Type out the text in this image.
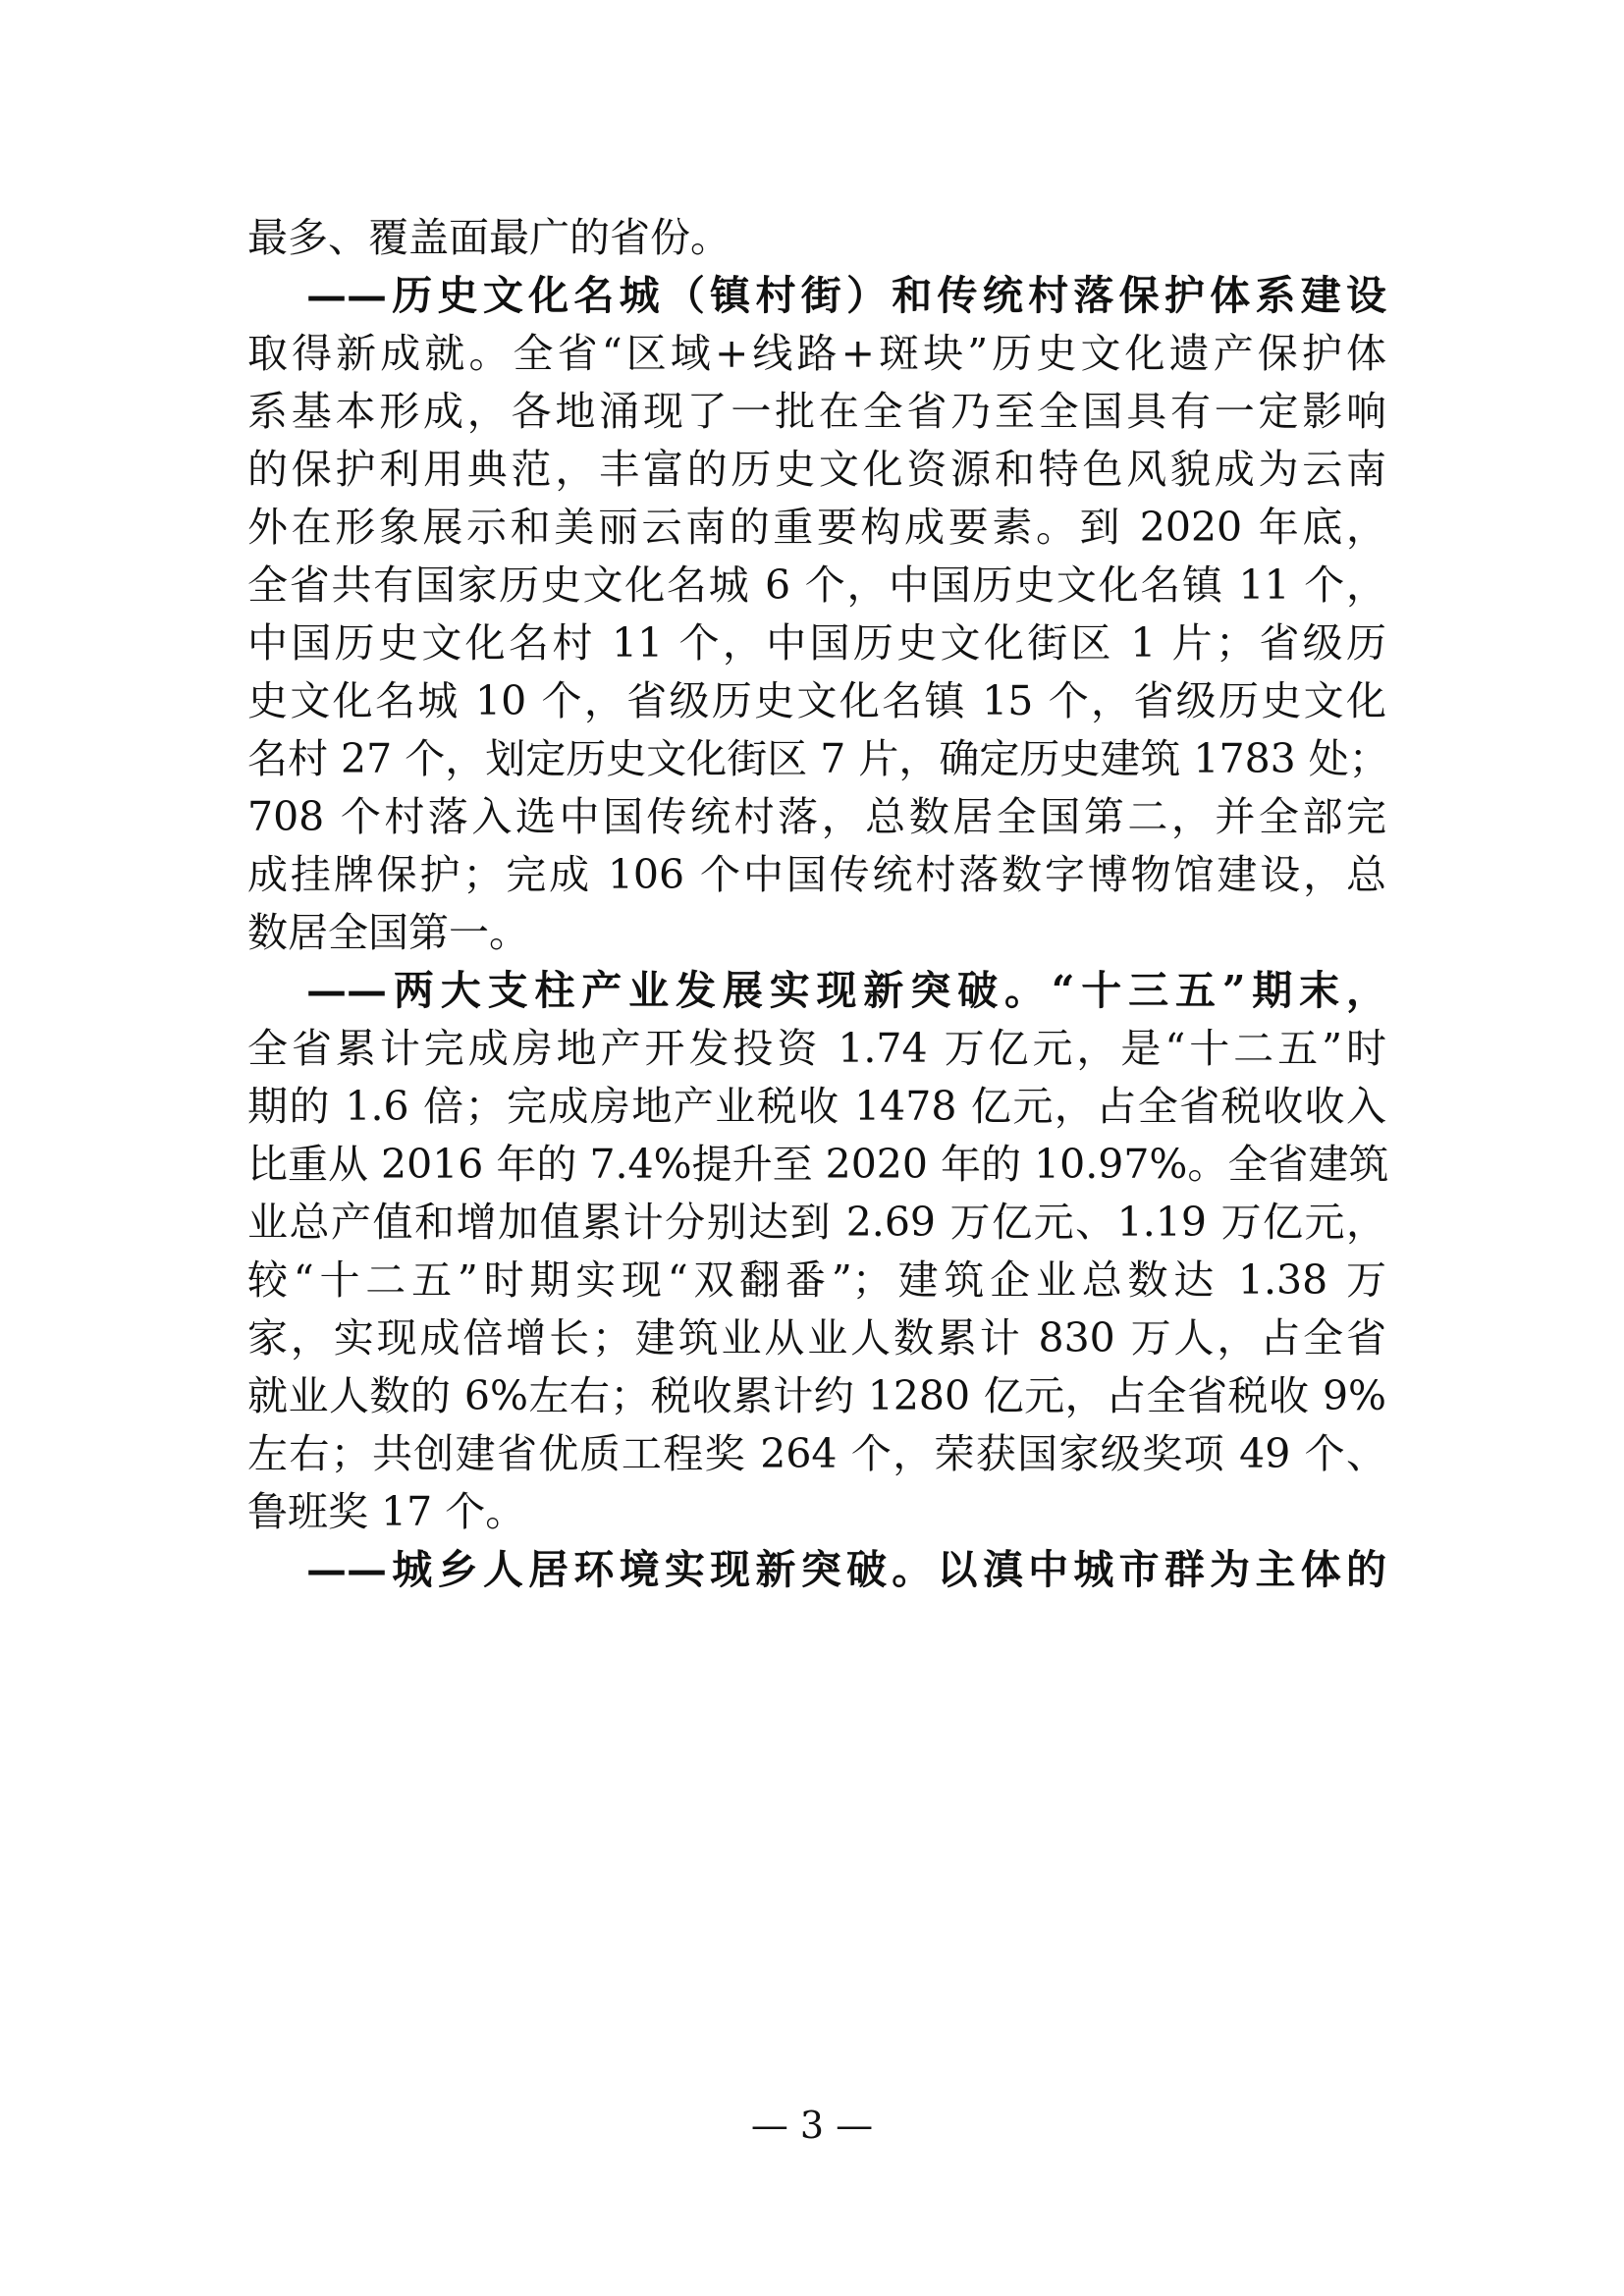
最多、覆盖面最广的省份。
——历史文化名城（镇村街）和传统村落保护体系建设
取得新成就。全省“区域+线路+斑块”历史文化遗产保护体
系基本形成，各地涌现了一批在全省乃至全国具有一定影响
的保护利用典范，丰富的历史文化资源和特色风貌成为云南
外在形象展示和美丽云南的重要构成要素。到 2020 年底，
全省共有国家历史文化名城 6 个，中国历史文化名镇 11 个，
中国历史文化名村 11 个，中国历史文化街区 1 片；省级历
史文化名城 10 个，省级历史文化名镇 15 个，省级历史文化
名村 27 个，划定历史文化街区 7 片，确定历史建筑 1783 处；
708 个村落入选中国传统村落，总数居全国第二，并全部完
成挂牌保护；完成 106 个中国传统村落数字博物馆建设，总
数居全国第一。
——两大支柱产业发展实现新突破。“十三五”期末，
全省累计完成房地产开发投资 1.74 万亿元，是“十二五”时
期的 1.6 倍；完成房地产业税收 1478 亿元，占全省税收收入
比重从 2016 年的 7.4%提升至 2020 年的 10.97%。全省建筑
业总产值和增加值累计分别达到 2.69 万亿元、1.19 万亿元，
较“十二五”时期实现“双翻番”；建筑企业总数达 1.38 万
家，实现成倍增长；建筑业从业人数累计 830 万人，占全省
就业人数的 6%左右；税收累计约 1280 亿元，占全省税收 9%
左右；共创建省优质工程奖 264 个，荣获国家级奖项 49 个、
鲁班奖 17 个。
——城乡人居环境实现新突破。以滇中城市群为主体的
— 3 —
